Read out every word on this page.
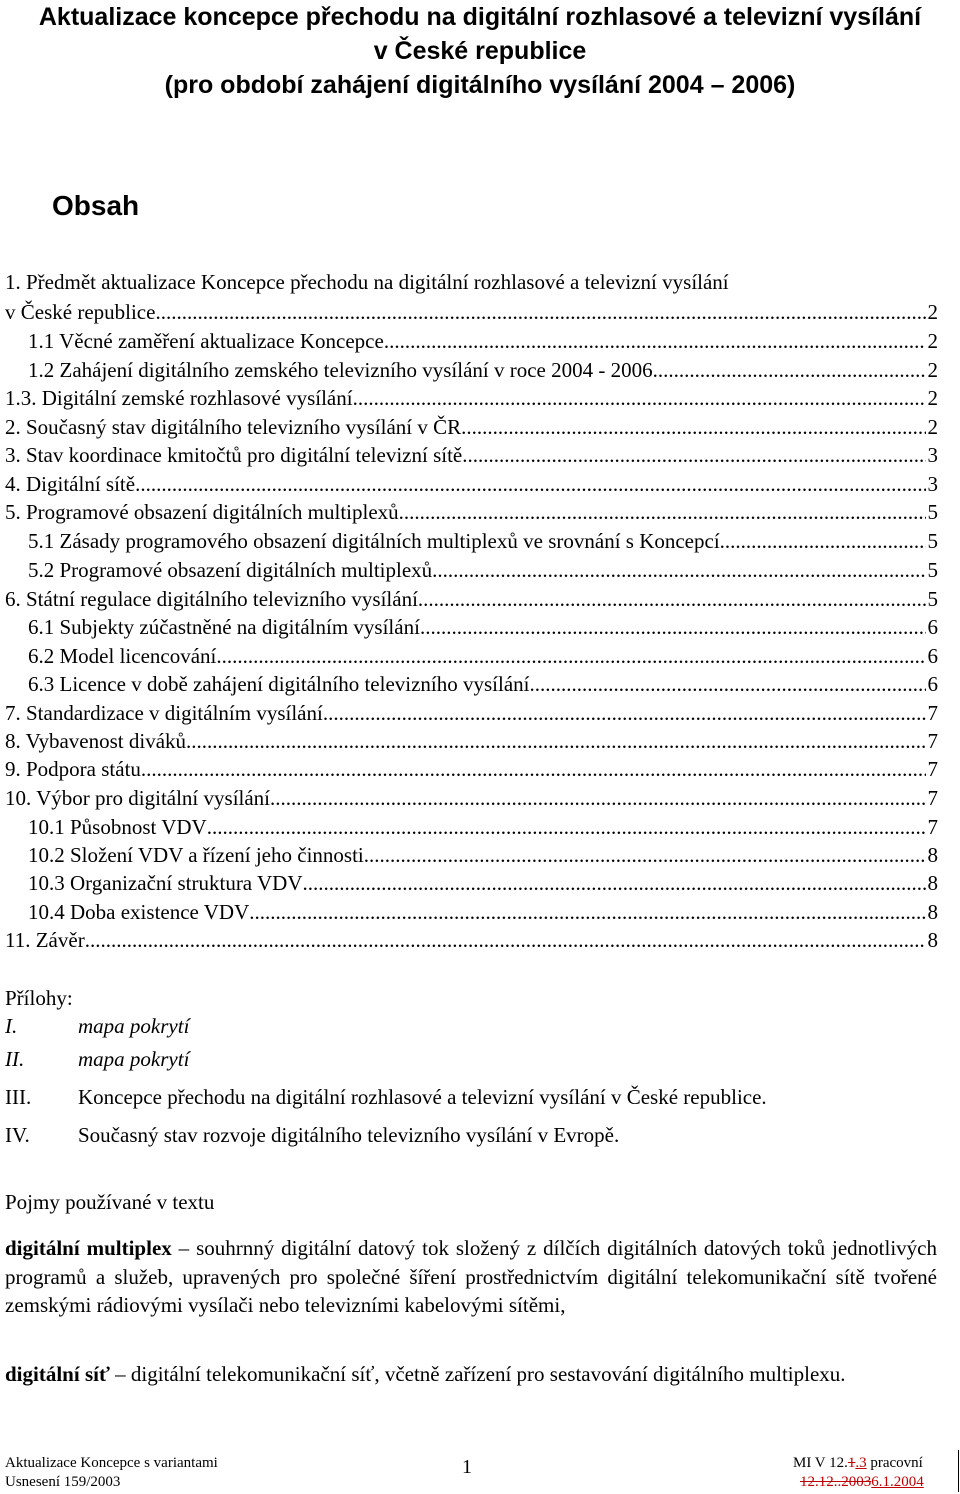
Aktualizace koncepce přechodu na digitální rozhlasové a televizní vysílání
v České republice
(pro období zahájení digitálního vysílání 2004 – 2006)
Obsah
1. Předmět aktualizace Koncepce přechodu na digitální rozhlasové a televizní vysílání
v České republice .....	2
1.1 Věcné zaměření aktualizace Koncepce .....	2
1.2 Zahájení digitálního zemského televizního vysílání v roce 2004 - 2006 .....	2
1.3. Digitální zemské rozhlasové vysílání .....	2
2. Současný stav digitálního televizního vysílání v ČR .....	2
3. Stav koordinace kmitočtů pro digitální televizní sítě .....	3
4. Digitální sítě .....	3
5. Programové obsazení digitálních multiplexů .....	5
5.1 Zásady programového obsazení digitálních multiplexů ve srovnání s Koncepcí .....	5
5.2 Programové obsazení digitálních multiplexů .....	5
6. Státní regulace digitálního televizního vysílání .....	5
6.1 Subjekty zúčastněné na digitálním vysílání .....	6
6.2 Model licencování .....	6
6.3 Licence v době zahájení digitálního televizního vysílání .....	6
7. Standardizace v digitálním vysílání .....	7
8. Vybavenost diváků .....	7
9. Podpora státu .....	7
10. Výbor pro digitální vysílání .....	7
10.1 Působnost VDV .....	7
10.2 Složení VDV a řízení jeho činnosti .....	8
10.3 Organizační struktura VDV .....	8
10.4 Doba existence VDV .....	8
11. Závěr .....	8
Přílohy:
I.	mapa pokrytí
II.	mapa pokrytí
III. Koncepce přechodu na digitální rozhlasové a televizní vysílání v České republice.
IV. Současný stav rozvoje digitálního televizního vysílání v Evropě.
Pojmy používané v textu
digitální multiplex – souhrnný digitální datový tok složený z dílčích digitálních datových toků jednotlivých programů a služeb, upravených pro společné šíření prostřednictvím digitální telekomunikační sítě tvořené zemskými rádiovými vysílači nebo televizními kabelovými sítěmi,
digitální síť – digitální telekomunikační síť, včetně zařízení pro sestavování digitálního multiplexu.
Aktualizace Koncepce s variantami
Usnesení 159/2003
1	MI V 12.1.3 pracovní
12.12..20036.1.2004
